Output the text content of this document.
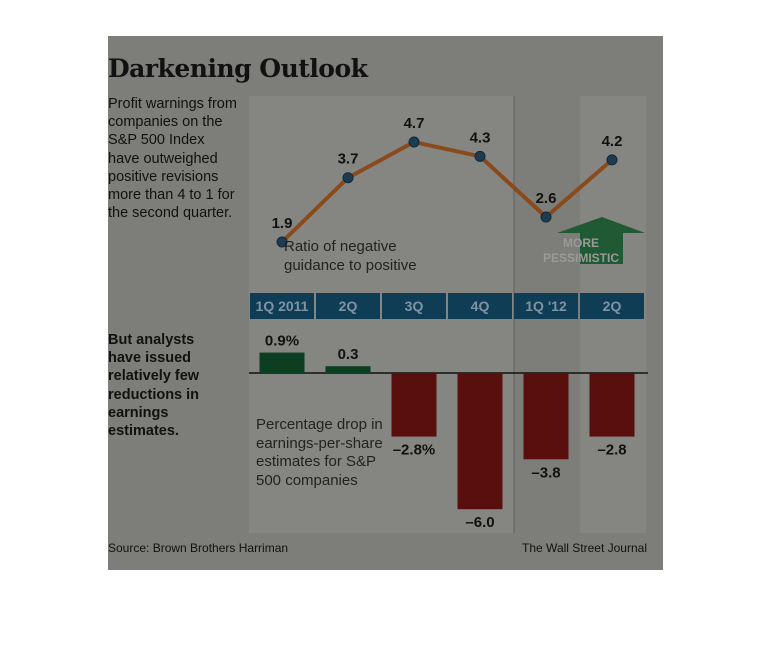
1Q 2011 2Q	3Q	4Q	1Q '12	2Q
MORE
PESSIMISTIC
0.9%
0.3
–2.8%
–6.0
–3.8
–2.8
1.9
3.7
4.7
4.3
2.6
4.2
Darkening Outlook
Profit warnings from companies on the S&P 500 Index have outweighed positive revisions more than 4 to 1 for the second quarter.
But analysts have issued relatively few reductions in earnings estimates.
Ratio of negative guidance to positive
Percentage drop in earnings-per-share estimates for S&P 500 companies
Source: Brown Brothers Harriman	The Wall Street Journal
